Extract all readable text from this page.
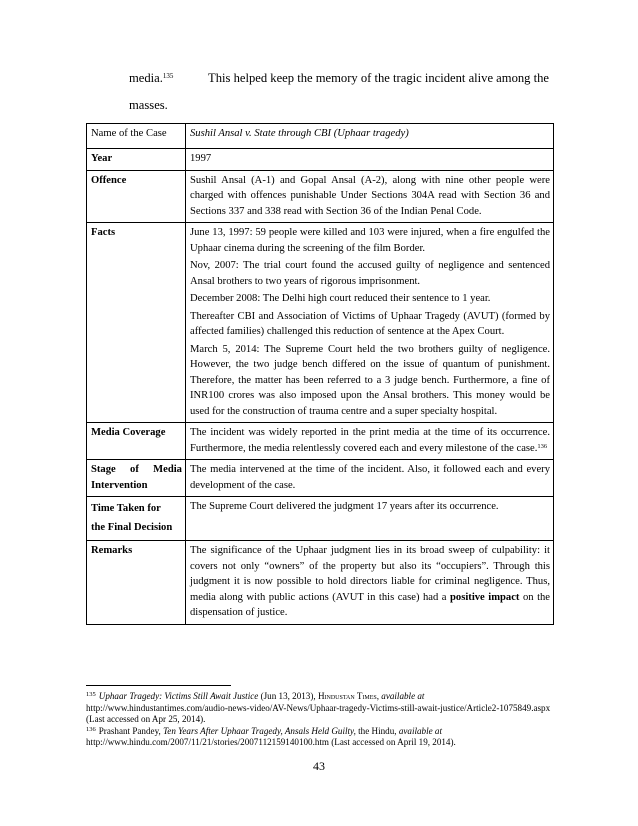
media.$^{135}$	This helped keep the memory of the tragic incident alive among the
masses.
Name of the Case	Sushil Ansal v. State through CBI (Uphaar tragedy)
Year	1997
Offence	Sushil Ansal (A-1) and Gopal Ansal (A-2), along with nine other people were charged with offences punishable Under Sections 304A read with Section 36 and Sections 337 and 338 read with Section 36 of the Indian Penal Code.
Facts	June 13, 1997: 59 people were killed and 103 were injured, when a fire engulfed the Uphaar cinema during the screening of the film Border.
Nov, 2007: The trial court found the accused guilty of negligence and sentenced Ansal brothers to two years of rigorous imprisonment.
December 2008: The Delhi high court reduced their sentence to 1 year.
Thereafter CBI and Association of Victims of Uphaar Tragedy (AVUT) (formed by affected families) challenged this reduction of sentence at the Apex Court.
March 5, 2014: The Supreme Court held the two brothers guilty of negligence. However, the two judge bench differed on the issue of quantum of punishment. Therefore, the matter has been referred to a 3 judge bench. Furthermore, a fine of INR100 crores was also imposed upon the Ansal brothers. This money would be used for the construction of trauma centre and a super specialty hospital.

Media Coverage	The incident was widely reported in the print media at the time of its occurrence. Furthermore, the media relentlessly covered each and every milestone of the case.$^{136}$

Stage of Media
Intervention	The media intervened at the time of the incident. Also, it followed each and every development of the case.

Time Taken for
the Final Decision	The Supreme Court delivered the judgment 17 years after its occurrence.
Remarks	The significance of the Uphaar judgment lies in its broad sweep of culpability: it covers not only “owners” of the property but also its “occupiers”. Through this judgment it is now possible to hold directors liable for criminal negligence. Thus, media along with public actions (AVUT in this case) had a positive impact on the dispensation of justice.

$^{135}$ Uphaar Tragedy: Victims Still Await Justice (Jun 13, 2013), Hindustan Times, available at http://www.hindustantimes.com/audio-news-video/AV-News/Uphaar-tragedy-Victims-still-await-justice/Article2-1075849.aspx (Last accessed on Apr 25, 2014).

$^{136}$ Prashant Pandey, Ten Years After Uphaar Tragedy, Ansals Held Guilty, the Hindu, available at http://www.hindu.com/2007/11/21/stories/2007112159140100.htm (Last accessed on April 19, 2014).

43
